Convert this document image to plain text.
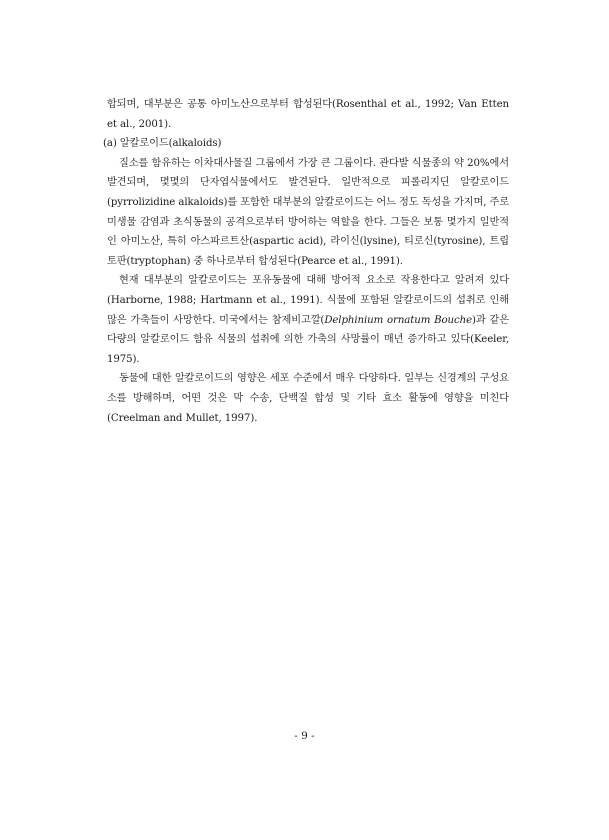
합되며, 대부분은 공통 아미노산으로부터 합성된다(Rosenthal et al., 1992; Van Etten et al., 2001).

(a) 알칼로이드(alkaloids)

질소를 함유하는 이차대사물질 그룹에서 가장 큰 그룹이다. 관다발 식물종의 약 20%에서 발견되며, 몇몇의 단자엽식물에서도 발견된다. 일반적으로 피롤리지딘 알칼로이드(pyrrolizidine alkaloids)를 포함한 대부분의 알칼로이드는 어느 정도 독성을 가지며, 주로 미생물 감염과 초식동물의 공격으로부터 방어하는 역할을 한다. 그들은 보통 몇가지 일반적인 아미노산, 특히 아스파르트산(aspartic acid), 라이신(lysine), 티로신(tyrosine), 트립토판(tryptophan) 중 하나로부터 합성된다(Pearce et al., 1991).

현재 대부분의 알칼로이드는 포유동물에 대해 방어적 요소로 작용한다고 알려져 있다(Harborne, 1988; Hartmann et al., 1991). 식물에 포함된 알칼로이드의 섭취로 인해 많은 가축들이 사망한다. 미국에서는 참제비고깔(Delphinium ornatum Bouche)과 같은 다량의 알칼로이드 함유 식물의 섭취에 의한 가축의 사망률이 매년 증가하고 있다(Keeler, 1975).

동물에 대한 알칼로이드의 영향은 세포 수준에서 매우 다양하다. 일부는 신경계의 구성요소를 방해하며, 어떤 것은 막 수송, 단백질 합성 및 기타 효소 활동에 영향을 미친다(Creelman and Mullet, 1997).

- 9 -
